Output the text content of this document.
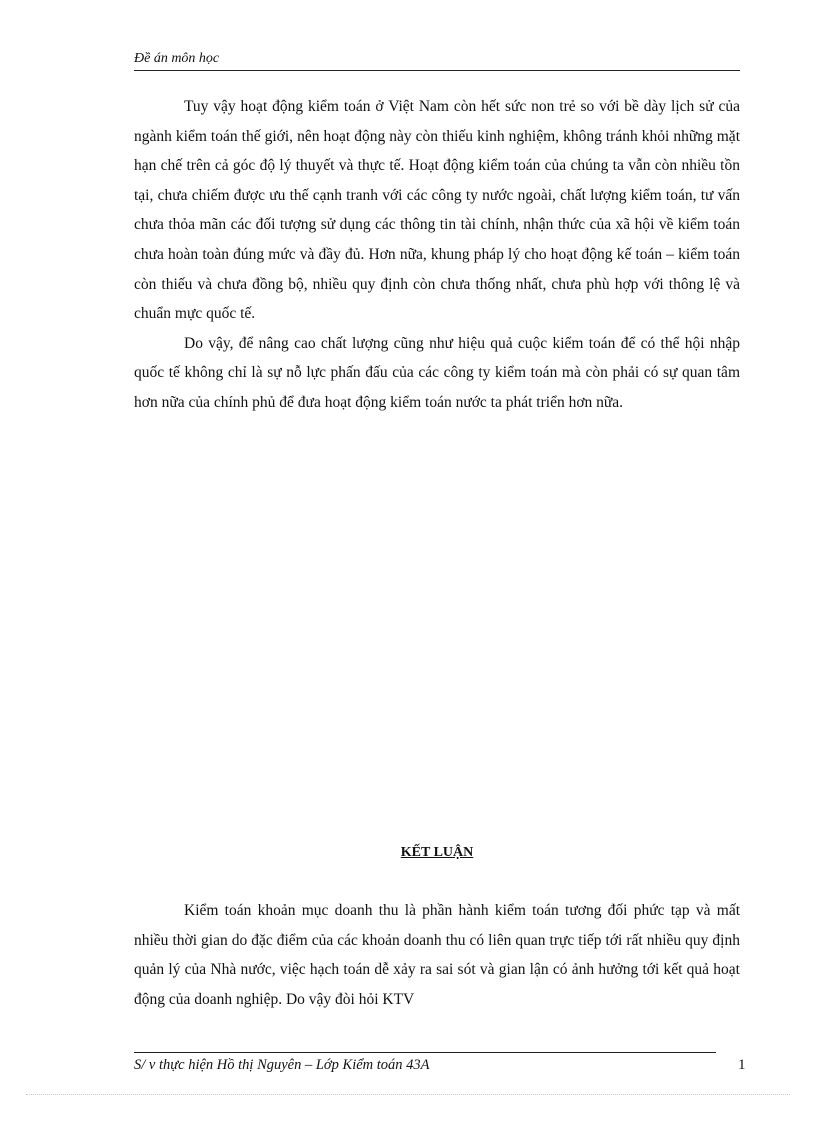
Đề án môn học

Tuy vậy hoạt động kiểm toán ở Việt Nam còn hết sức non trẻ so với bề dày lịch sử của ngành kiểm toán thế giới, nên hoạt động này còn thiếu kinh nghiệm, không tránh khỏi những mặt hạn chế trên cả góc độ lý thuyết và thực tế. Hoạt động kiểm toán của chúng ta vẫn còn nhiều tồn tại, chưa chiếm được ưu thế cạnh tranh với các công ty nước ngoài, chất lượng kiểm toán, tư vấn chưa thỏa mãn các đối tượng sử dụng các thông tin tài chính, nhận thức của xã hội về kiểm toán chưa hoàn toàn đúng mức và đầy đủ. Hơn nữa, khung pháp lý cho hoạt động kế toán – kiểm toán còn thiếu và chưa đồng bộ, nhiều quy định còn chưa thống nhất, chưa phù hợp với thông lệ và chuẩn mực quốc tế.

Do vậy, để nâng cao chất lượng cũng như hiệu quả cuộc kiểm toán để có thể hội nhập quốc tế không chỉ là sự nỗ lực phấn đấu của các công ty kiểm toán mà còn phải có sự quan tâm hơn nữa của chính phủ để đưa hoạt động kiểm toán nước ta phát triển hơn nữa.

KẾT LUẬN

Kiểm toán khoản mục doanh thu là phần hành kiểm toán tương đối phức tạp và mất nhiều thời gian do đặc điểm của các khoản doanh thu có liên quan trực tiếp tới rất nhiều quy định quản lý của Nhà nước, việc hạch toán dễ xảy ra sai sót và gian lận có ảnh hưởng tới kết quả hoạt động của doanh nghiệp. Do vậy đòi hỏi KTV

S/ v thực hiện Hồ thị Nguyên – Lớp Kiểm toán 43A	1
